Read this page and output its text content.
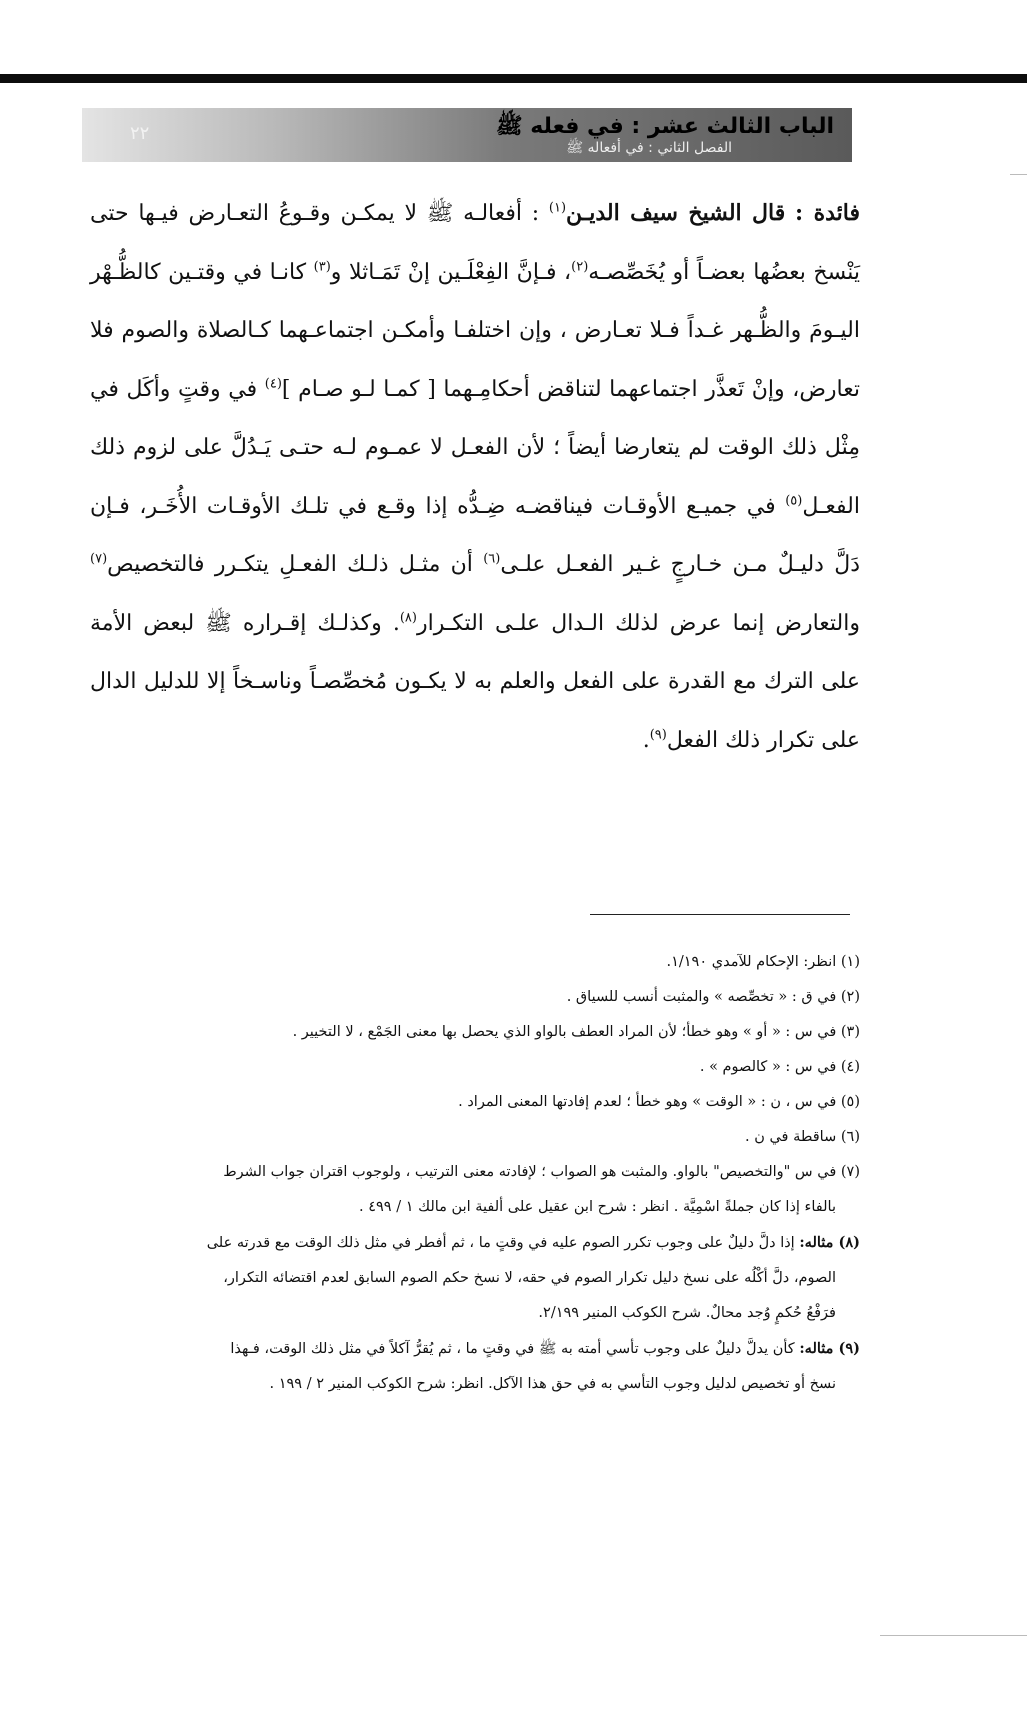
الباب الثالث عشر : في فعله ﷺ
الفصل الثاني : في أفعاله ﷺ
٢٢
فائدة : قال الشيخ سيف الديـن$^{(١)}$ : أفعالـه ﷺ لا يمكـن وقـوعُ التعـارض فيـها حتى يَنْسخ بعضُها بعضـاً أو يُخَصِّصـه$^{(٢)}$، فـإنَّ الفِعْلَـين إنْ تَمَـاثلا و$^{(٣)}$ كانـا في وقتـين كالظُّـهْر اليـومَ والظُّـهر غـداً فـلا تعـارض ، وإن اختلفـا وأمكـن اجتماعـهما كـالصلاة والصوم فلا تعارض، وإنْ تَعذَّر اجتماعهما لتناقض أحكامِـهما [ كمـا لـو صـام ]$^{(٤)}$ في وقتٍ وأكَل في مِثْل ذلك الوقت لم يتعارضا أيضاً ؛ لأن الفعـل لا عمـوم لـه حتـى يَـدُلَّ على لزوم ذلك الفعـل$^{(٥)}$ في جميـع الأوقـات فيناقضـه ضِـدُّه إذا وقـع في تلـك الأوقـات الأُخَـر، فـإن دَلَّ دليـلٌ مـن خـارجٍ غـير الفعـل علـى$^{(٦)}$ أن مثـل ذلـك الفعـلِ يتكـرر فالتخصيص$^{(٧)}$ والتعارض إنما عرض لذلك الـدال علـى التكـرار$^{(٨)}$. وكذلـك إقـراره ﷺ لبعض الأمة على الترك مع القدرة على الفعل والعلم به لا يكـون مُخصِّصـاً وناسـخاً إلا للدليل الدال على تكرار ذلك الفعل$^{(٩)}$.
(١) انظر: الإحكام للآمدي ١/١٩٠.
(٢) في ق : « تخصِّصه » والمثبت أنسب للسياق .
(٣) في س : « أو » وهو خطأ؛ لأن المراد العطف بالواو الذي يحصل بها معنى الجَمْع ، لا التخيير .
(٤) في س : « كالصوم » .
(٥) في س ، ن : « الوقت » وهو خطأ ؛ لعدم إفادتها المعنى المراد .
(٦) ساقطة في ن .
(٧) في س "والتخصيص" بالواو. والمثبت هو الصواب ؛ لإفادته معنى الترتيب ، ولوجوب اقتران جواب الشرط
بالفاء إذا كان جملةً اسْمِيَّة . انظر : شرح ابن عقيل على ألفية ابن مالك ١ / ٤٩٩ .
(٨) مثاله: إذا دلَّ دليلٌ على وجوب تكرر الصوم عليه في وقتٍ ما ، ثم أفطر في مثل ذلك الوقت مع قدرته على
الصوم، دلَّ أكْلُه على نسخ دليل تكرار الصوم في حقه، لا نسخ حكم الصوم السابق لعدم اقتضائه التكرار،
فرَفْعُ حُكمٍ وُجد محالٌ. شرح الكوكب المنير ٢/١٩٩.
(٩) مثاله: كأن يدلَّ دليلٌ على وجوب تأسي أمته به ﷺ في وقتٍ ما ، ثم يُقرُّ آكلاً في مثل ذلك الوقت، فـهذا
نسخ أو تخصيص لدليل وجوب التأسي به في حق هذا الآكل. انظر: شرح الكوكب المنير ٢ / ١٩٩ .
